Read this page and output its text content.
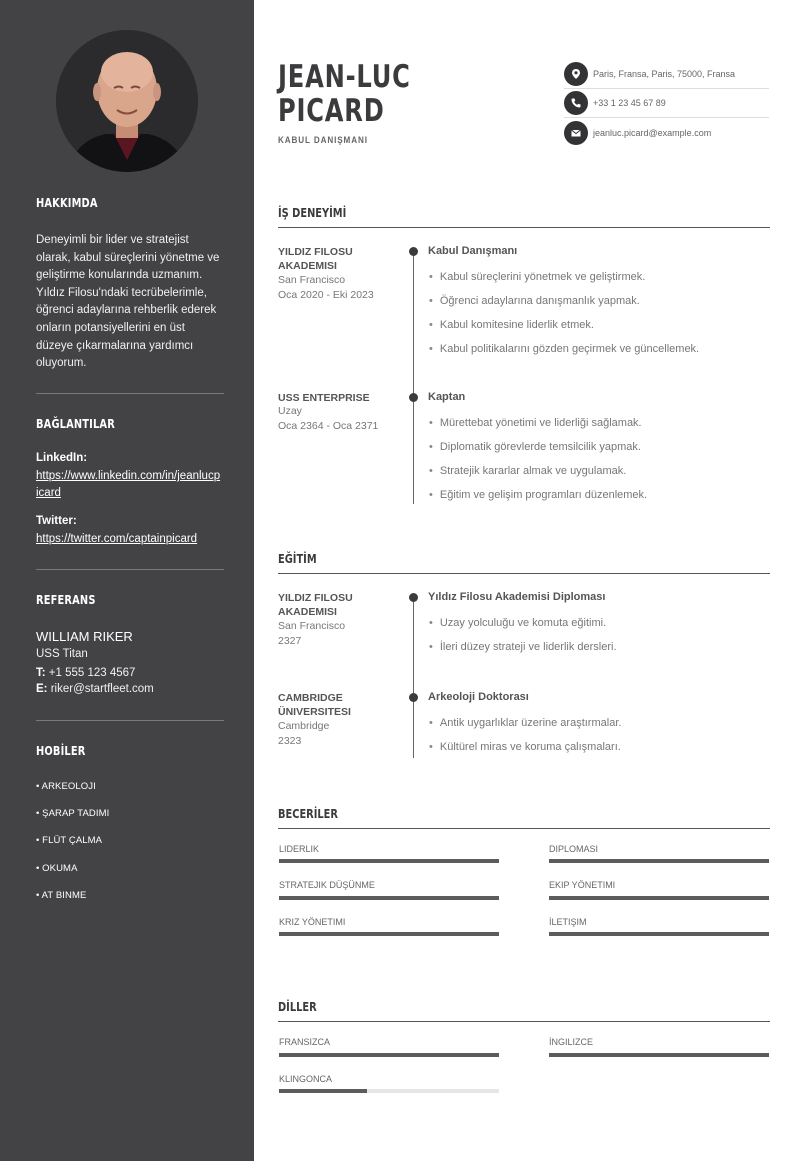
HAKKIMDA
Deneyimli bir lider ve stratejist olarak, kabul süreçlerini yönetme ve geliştirme konularında uzmanım. Yıldız Filosu'ndaki tecrübelerimle, öğrenci adaylarına rehberlik ederek onların potansiyellerini en üst düzeye çıkarmalarına yardımcı oluyorum.
BAĞLANTILAR
LinkedIn:
https://www.linkedin.com/in/jeanlucpicard
Twitter:
https://twitter.com/captainpicard
REFERANS
WILLIAM RIKER
USS Titan
T: +1 555 123 4567
E: riker@startfleet.com
HOBİLER
• ARKEOLOJI
• ŞARAP TADIMI
• FLÜT ÇALMA
• OKUMA
• AT BINME
JEAN-LUC
PICARD
KABUL DANIŞMANI
Paris, Fransa, Paris, 75000, Fransa
+33 1 23 45 67 89
jeanluc.picard@example.com
İŞ DENEYİMİ
YILDIZ FILOSU AKADEMISI
San Francisco
Oca 2020 - Eki 2023
Kabul Danışmanı
• Kabul süreçlerini yönetmek ve geliştirmek.
• Öğrenci adaylarına danışmanlık yapmak.
• Kabul komitesine liderlik etmek.
• Kabul politikalarını gözden geçirmek ve güncellemek.
USS ENTERPRISE
Uzay
Oca 2364 - Oca 2371
Kaptan
• Mürettebat yönetimi ve liderliği sağlamak.
• Diplomatik görevlerde temsilcilik yapmak.
• Stratejik kararlar almak ve uygulamak.
• Eğitim ve gelişim programları düzenlemek.
EĞİTİM
YILDIZ FILOSU AKADEMISI
San Francisco
2327
Yıldız Filosu Akademisi Diploması
• Uzay yolculuğu ve komuta eğitimi.
• İleri düzey strateji ve liderlik dersleri.
CAMBRIDGE ÜNIVERSITESI
Cambridge
2323
Arkeoloji Doktorası
• Antik uygarlıklar üzerine araştırmalar.
• Kültürel miras ve koruma çalışmaları.
BECERİLER
LIDERLIK	DIPLOMASI
STRATEJIK DÜŞÜNME	EKIP YÖNETIMI
KRIZ YÖNETIMI	İLETIŞIM
DİLLER
FRANSIZCA	İNGILIZCE
KLINGONCA
